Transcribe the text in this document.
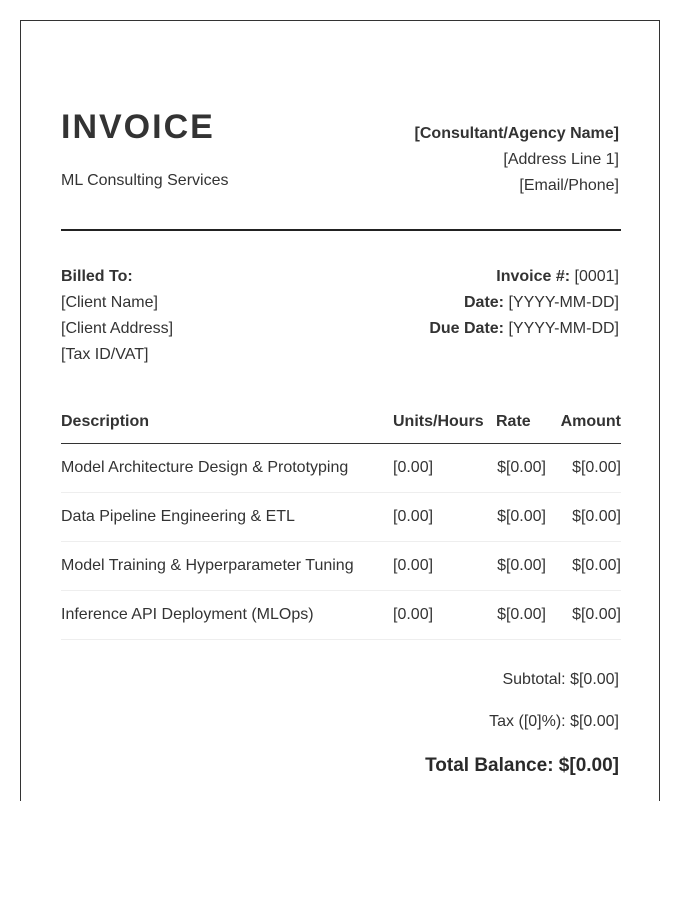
INVOICE
ML Consulting Services
[Consultant/Agency Name]
[Address Line 1]
[Email/Phone]
Billed To:
[Client Name]
[Client Address]
[Tax ID/VAT]
Invoice #: [0001]
Date: [YYYY-MM-DD]
Due Date: [YYYY-MM-DD]
Description	Units/Hours Rate Amount
Model Architecture Design & Prototyping	[0.00]	$[0.00] $[0.00]
Data Pipeline Engineering & ETL	[0.00]	$[0.00] $[0.00]
Model Training & Hyperparameter Tuning [0.00]	$[0.00] $[0.00]
Inference API Deployment (MLOps)	[0.00]	$[0.00] $[0.00]
Subtotal: $[0.00]
Tax ([0]%): $[0.00]
Total Balance: $[0.00]
